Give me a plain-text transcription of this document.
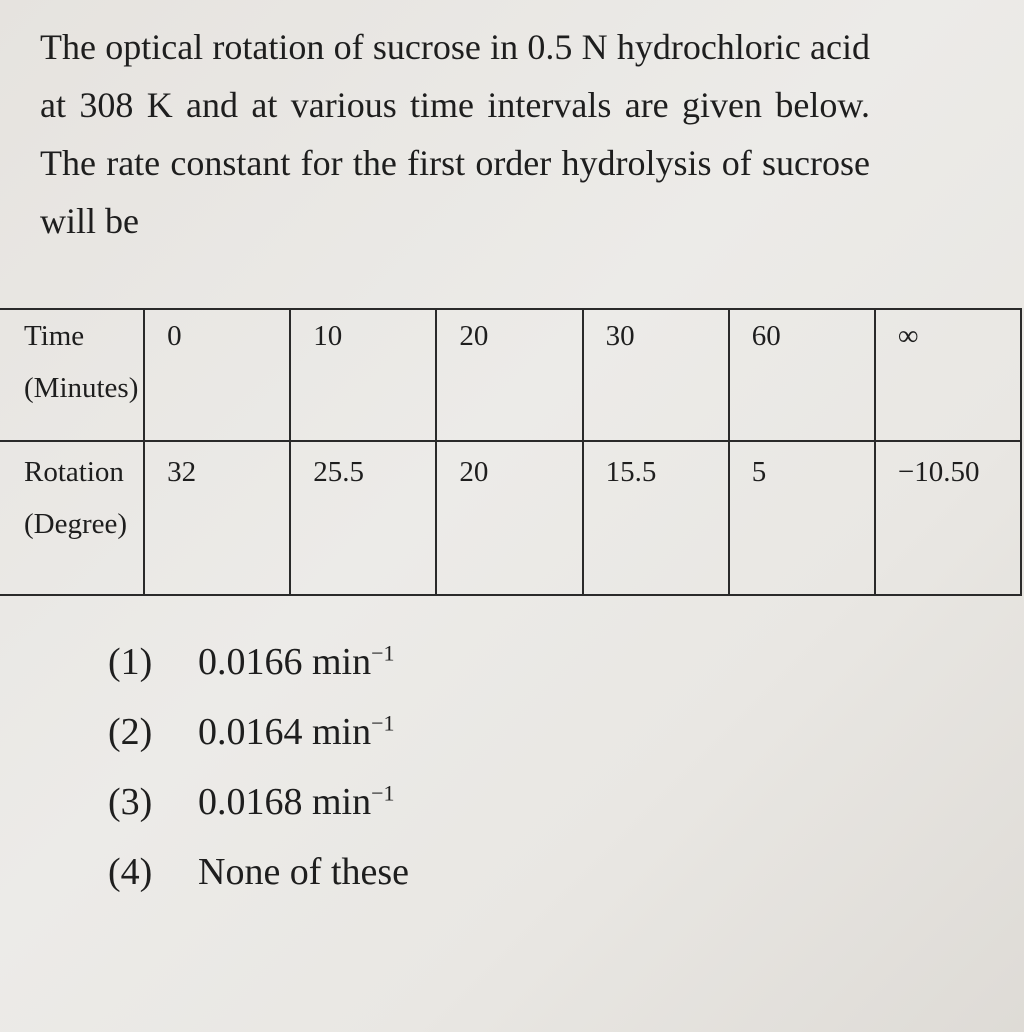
The optical rotation of sucrose in 0.5 N hydrochloric acid at 308 K and at various time intervals are given below. The rate constant for the first order hydrolysis of sucrose will be
Time
(Minutes)	0	10	20	30	60	∞

Rotation
(Degree)	32	25.5	20	15.5	5	−10.50
(1)	0.0166 $\min^{-1}$
(2)	0.0164 $\min^{-1}$
(3)	0.0168 $\min^{-1}$
(4)	None of these
